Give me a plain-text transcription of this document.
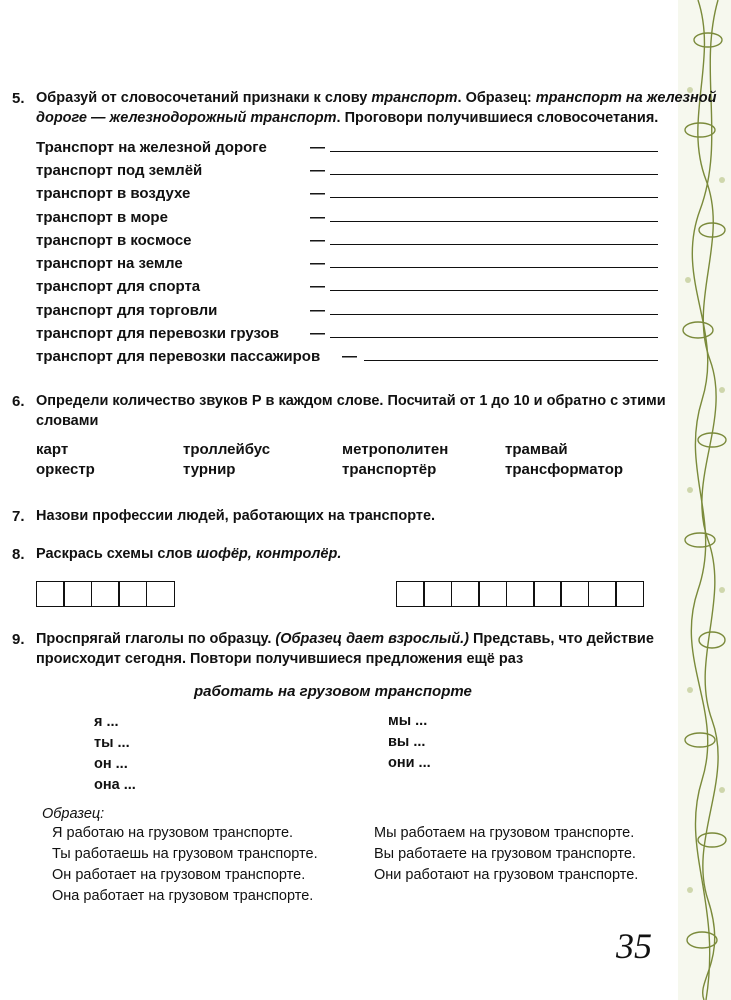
5. Образуй от словосочетаний признаки к слову транспорт. Образец: транспорт на железной
дороге — железнодорожный транспорт. Проговори получившиеся словосочетания.
Транспорт на железной дороге	—
транспорт под землёй	—
транспорт в воздухе	—
транспорт в море	—
транспорт в космосе	—
транспорт на земле	—
транспорт для спорта	—
транспорт для торговли	—
транспорт для перевозки грузов —
транспорт для перевозки пассажиров —
6. Определи количество звуков Р в каждом слове. Посчитай от 1 до 10 и обратно с этими
словами
карт	троллейбус	метрополитен	трамвай
оркестр	турнир	транспортёр	трансформатор
7. Назови профессии людей, работающих на транспорте.
8. Раскрась схемы слов шофёр, контролёр.
9. Проспрягай глаголы по образцу. (Образец дает взрослый.) Представь, что действие
происходит сегодня. Повтори получившиеся предложения ещё раз
работать на грузовом транспорте
я ...
ты ...
он ...
она ...
мы ...
вы ...
они ...
Образец:
Я работаю на грузовом транспорте.
Ты работаешь на грузовом транспорте.
Он работает на грузовом транспорте.
Она работает на грузовом транспорте.
Мы работаем на грузовом транспорте.
Вы работаете на грузовом транспорте.
Они работают на грузовом транспорте.
35
